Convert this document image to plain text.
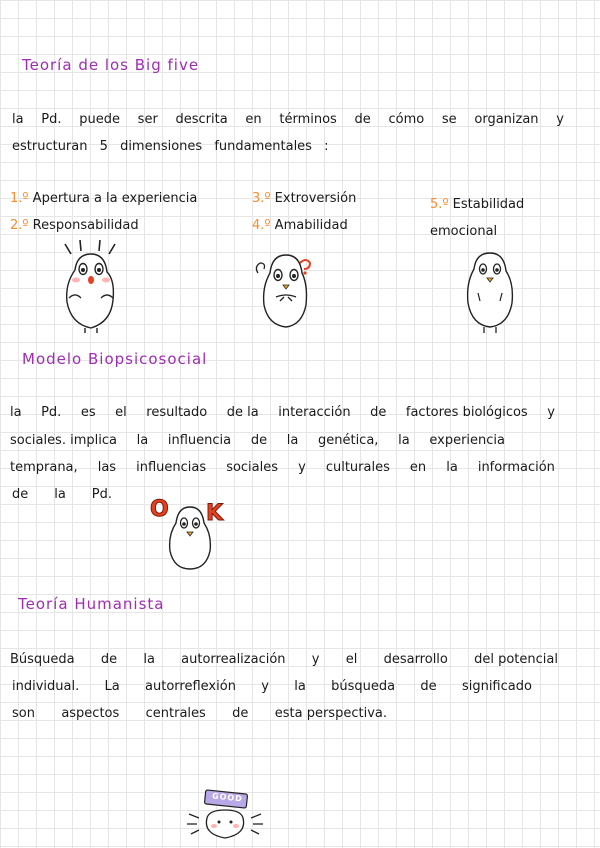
Teoría de los Big five
la Pd. puede ser descrita en términos de cómo se organizan y
estructuran 5 dimensiones fundamentales :
1.º Apertura a la experiencia
2.º Responsabilidad
3.º Extroversión
4.º Amabilidad
5.º Estabilidad emocional
Modelo Biopsicosocial
la Pd. es el resultado de la interacción de factores biológicos y
sociales. implica la influencia de la genética, la experiencia
temprana, las influencias sociales y culturales en la información
de la Pd.
O K
Teoría Humanista
Búsqueda de la autorrealización y el desarrollo del potencial
individual. La autorreflexión y la búsqueda de significado
son aspectos centrales de esta perspectiva.
GOOD
